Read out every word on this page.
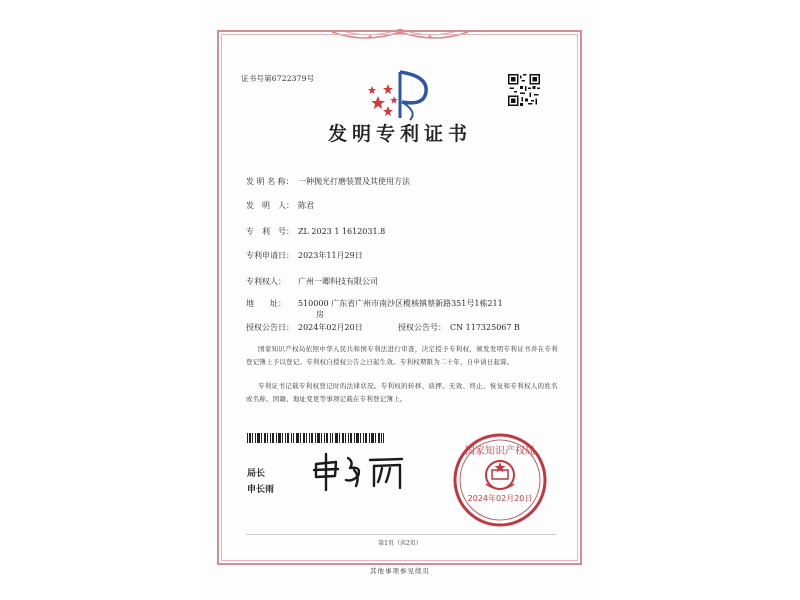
证书号第6722379号
发明专利证书
发 明 名 称： 一种抛光打磨装置及其使用方法
发　明　人： 陈君
专　利　号： ZL 2023 1 1612031.8
专利申请日： 2023年11月29日
专利权人： 广州一卿科技有限公司
地　　址： 510000 广东省广州市南沙区榄核镇蔡新路351号1栋211
房
授权公告日： 2024年02月20日	授权公告号： CN 117325067 B
国家知识产权局依照中华人民共和国专利法进行审查，决定授予专利权，颁发发明专利证书并在专利登记簿上予以登记。专利权自授权公告之日起生效。专利权期限为二十年，自申请日起算。
专利证书记载专利权登记时的法律状况。专利权的转移、质押、无效、终止、恢复和专利权人的姓名或名称、国籍、地址变更等事项记载在专利登记簿上。
局长
申长雨
国家知识产权局
2024年02月20日
第1页（共2页）
其他事项参见续页
